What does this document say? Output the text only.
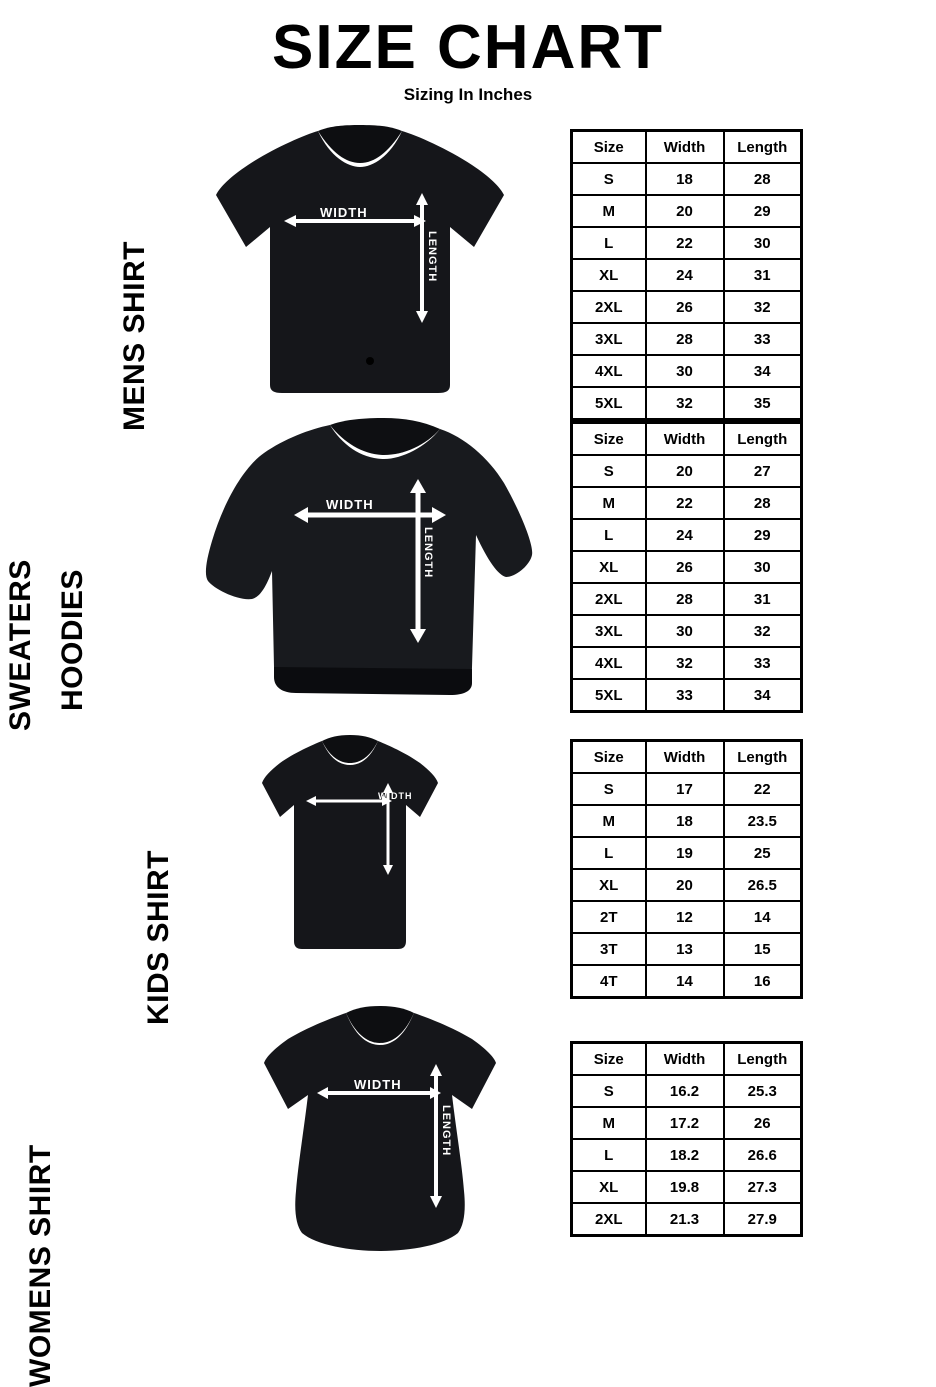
SIZE CHART
Sizing In Inches
MENS SHIRT
WIDTH
LENGTH
Size	Width	Length
S	18	28
M	20	29
L	22	30
XL	24	31
2XL	26	32
3XL	28	33
4XL	30	34
5XL	32	35
SWEATERS HOODIES
WIDTH
LENGTH
Size	Width	Length
S	20	27
M	22	28
L	24	29
XL	26	30
2XL	28	31
3XL	30	32
4XL	32	33
5XL	33	34
KIDS SHIRT
WIDTH
LENGTH
Size	Width	Length
S	17	22
M	18	23.5
L	19	25
XL	20	26.5
2T	12	14
3T	13	15
4T	14	16
WOMENS SHIRT
WIDTH
LENGTH
Size	Width	Length
S	16.2	25.3
M	17.2	26
L	18.2	26.6
XL	19.8	27.3
2XL	21.3	27.9
